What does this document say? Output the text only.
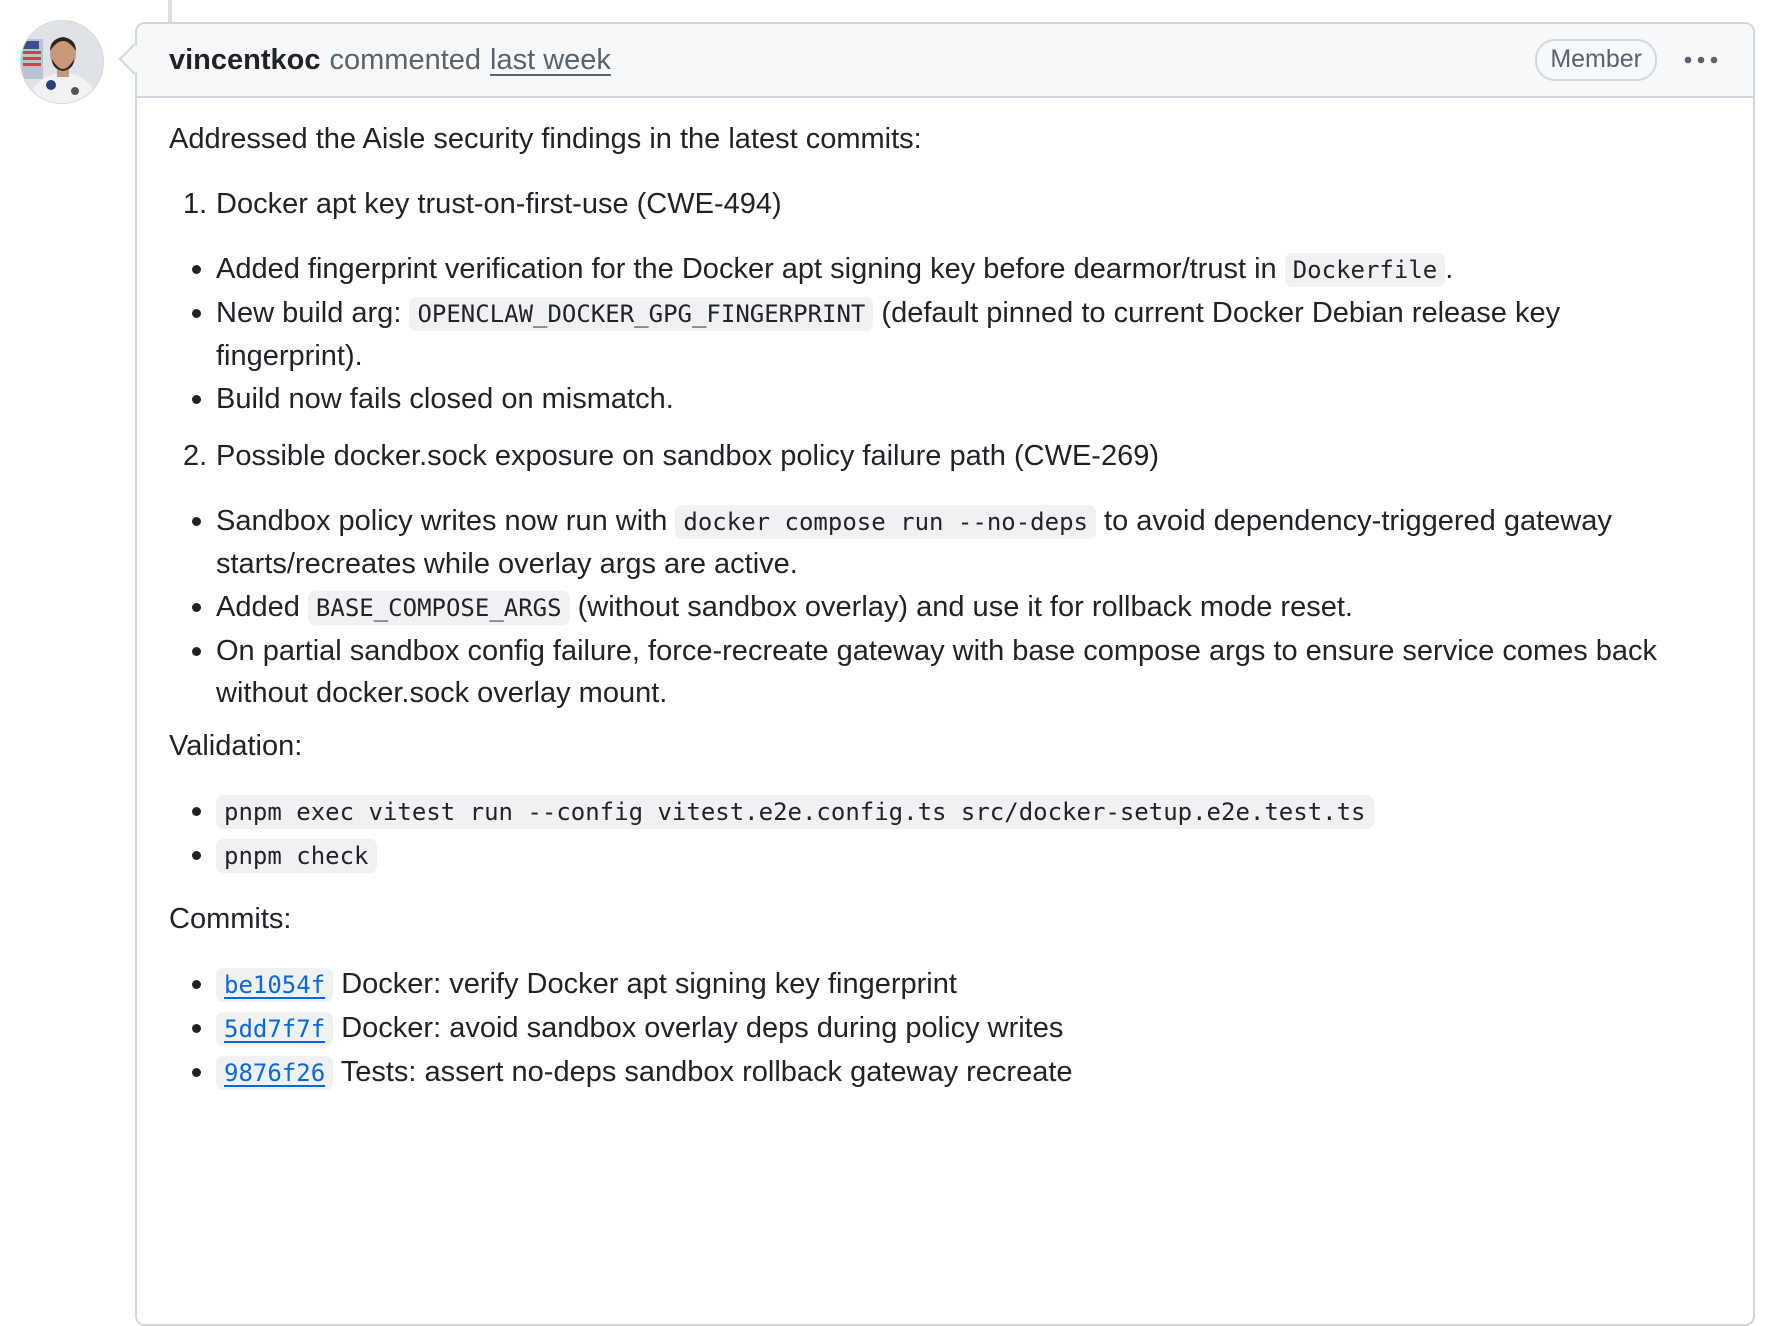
vincentkoc commented last week	Member

Addressed the Aisle security findings in the latest commits:

1. Docker apt key trust-on-first-use (CWE-494)
Added fingerprint verification for the Docker apt signing key before dearmor/trust in Dockerfile .
New build arg: OPENCLAW_DOCKER_GPG_FINGERPRINT (default pinned to current Docker Debian release key fingerprint).
Build now fails closed on mismatch.
2. Possible docker.sock exposure on sandbox policy failure path (CWE-269)
Sandbox policy writes now run with docker compose run --no-deps to avoid dependency-triggered gateway starts/recreates while overlay args are active.
Added BASE_COMPOSE_ARGS (without sandbox overlay) and use it for rollback mode reset.
On partial sandbox config failure, force-recreate gateway with base compose args to ensure service comes back without docker.sock overlay mount.

Validation:

pnpm exec vitest run --config vitest.e2e.config.ts src/docker-setup.e2e.test.ts
pnpm check

Commits:

be1054f Docker: verify Docker apt signing key fingerprint
5dd7f7f Docker: avoid sandbox overlay deps during policy writes
9876f26 Tests: assert no-deps sandbox rollback gateway recreate
